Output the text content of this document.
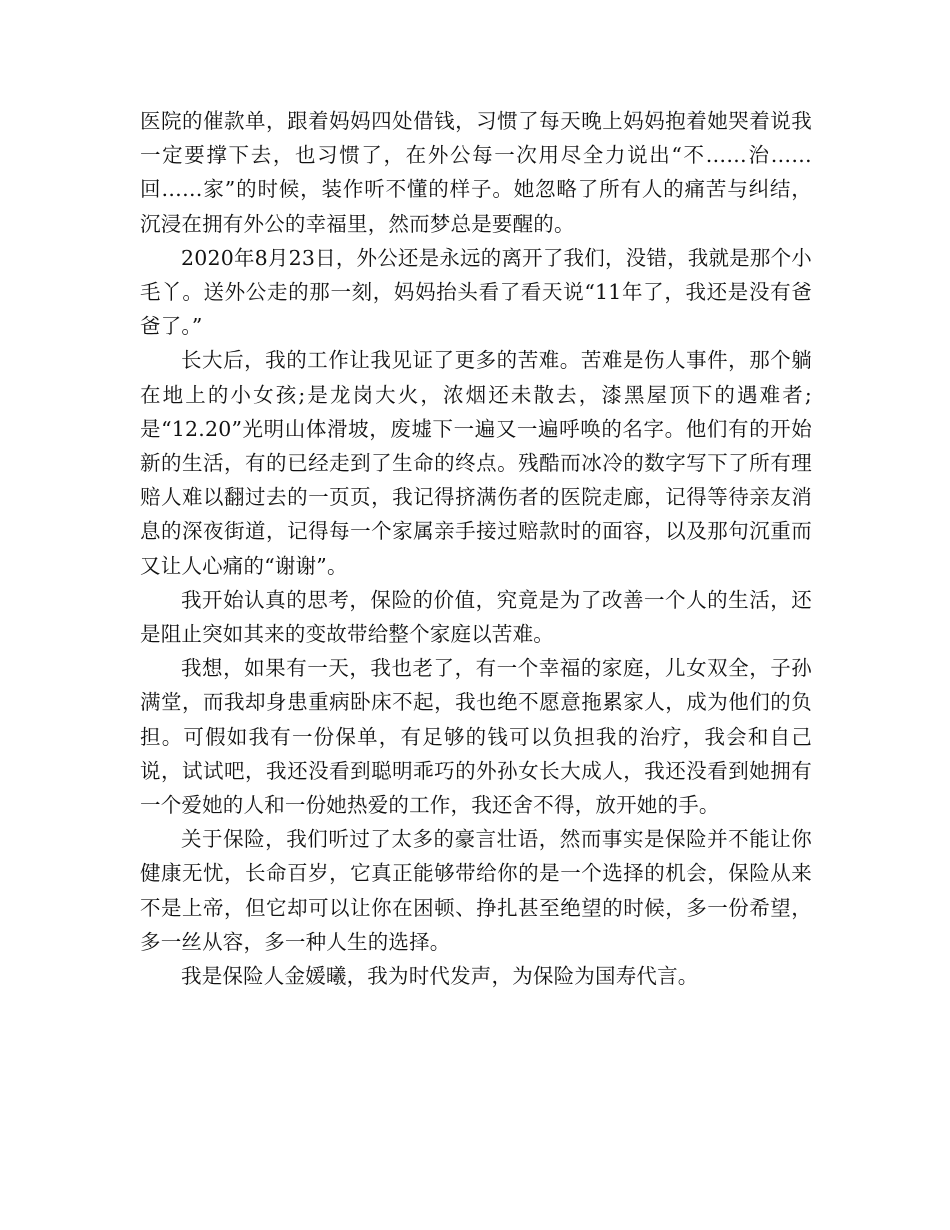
医院的催款单，跟着妈妈四处借钱，习惯了每天晚上妈妈抱着她哭着说我一定要撑下去，也习惯了，在外公每一次用尽全力说出“不……治……回……家”的时候，装作听不懂的样子。她忽略了所有人的痛苦与纠结，沉浸在拥有外公的幸福里，然而梦总是要醒的。

2020年8月23日，外公还是永远的离开了我们，没错，我就是那个小毛丫。送外公走的那一刻，妈妈抬头看了看天说“11年了，我还是没有爸爸了。”

长大后，我的工作让我见证了更多的苦难。苦难是伤人事件，那个躺在地上的小女孩;是龙岗大火，浓烟还未散去，漆黑屋顶下的遇难者;是“12.20”光明山体滑坡，废墟下一遍又一遍呼唤的名字。他们有的开始新的生活，有的已经走到了生命的终点。残酷而冰冷的数字写下了所有理赔人难以翻过去的一页页，我记得挤满伤者的医院走廊，记得等待亲友消息的深夜街道，记得每一个家属亲手接过赔款时的面容，以及那句沉重而又让人心痛的“谢谢”。

我开始认真的思考，保险的价值，究竟是为了改善一个人的生活，还是阻止突如其来的变故带给整个家庭以苦难。

我想，如果有一天，我也老了，有一个幸福的家庭，儿女双全，子孙满堂，而我却身患重病卧床不起，我也绝不愿意拖累家人，成为他们的负担。可假如我有一份保单，有足够的钱可以负担我的治疗，我会和自己说，试试吧，我还没看到聪明乖巧的外孙女长大成人，我还没看到她拥有一个爱她的人和一份她热爱的工作，我还舍不得，放开她的手。

关于保险，我们听过了太多的豪言壮语，然而事实是保险并不能让你健康无忧，长命百岁，它真正能够带给你的是一个选择的机会，保险从来不是上帝，但它却可以让你在困顿、挣扎甚至绝望的时候，多一份希望，多一丝从容，多一种人生的选择。

我是保险人金媛曦，我为时代发声，为保险为国寿代言。
